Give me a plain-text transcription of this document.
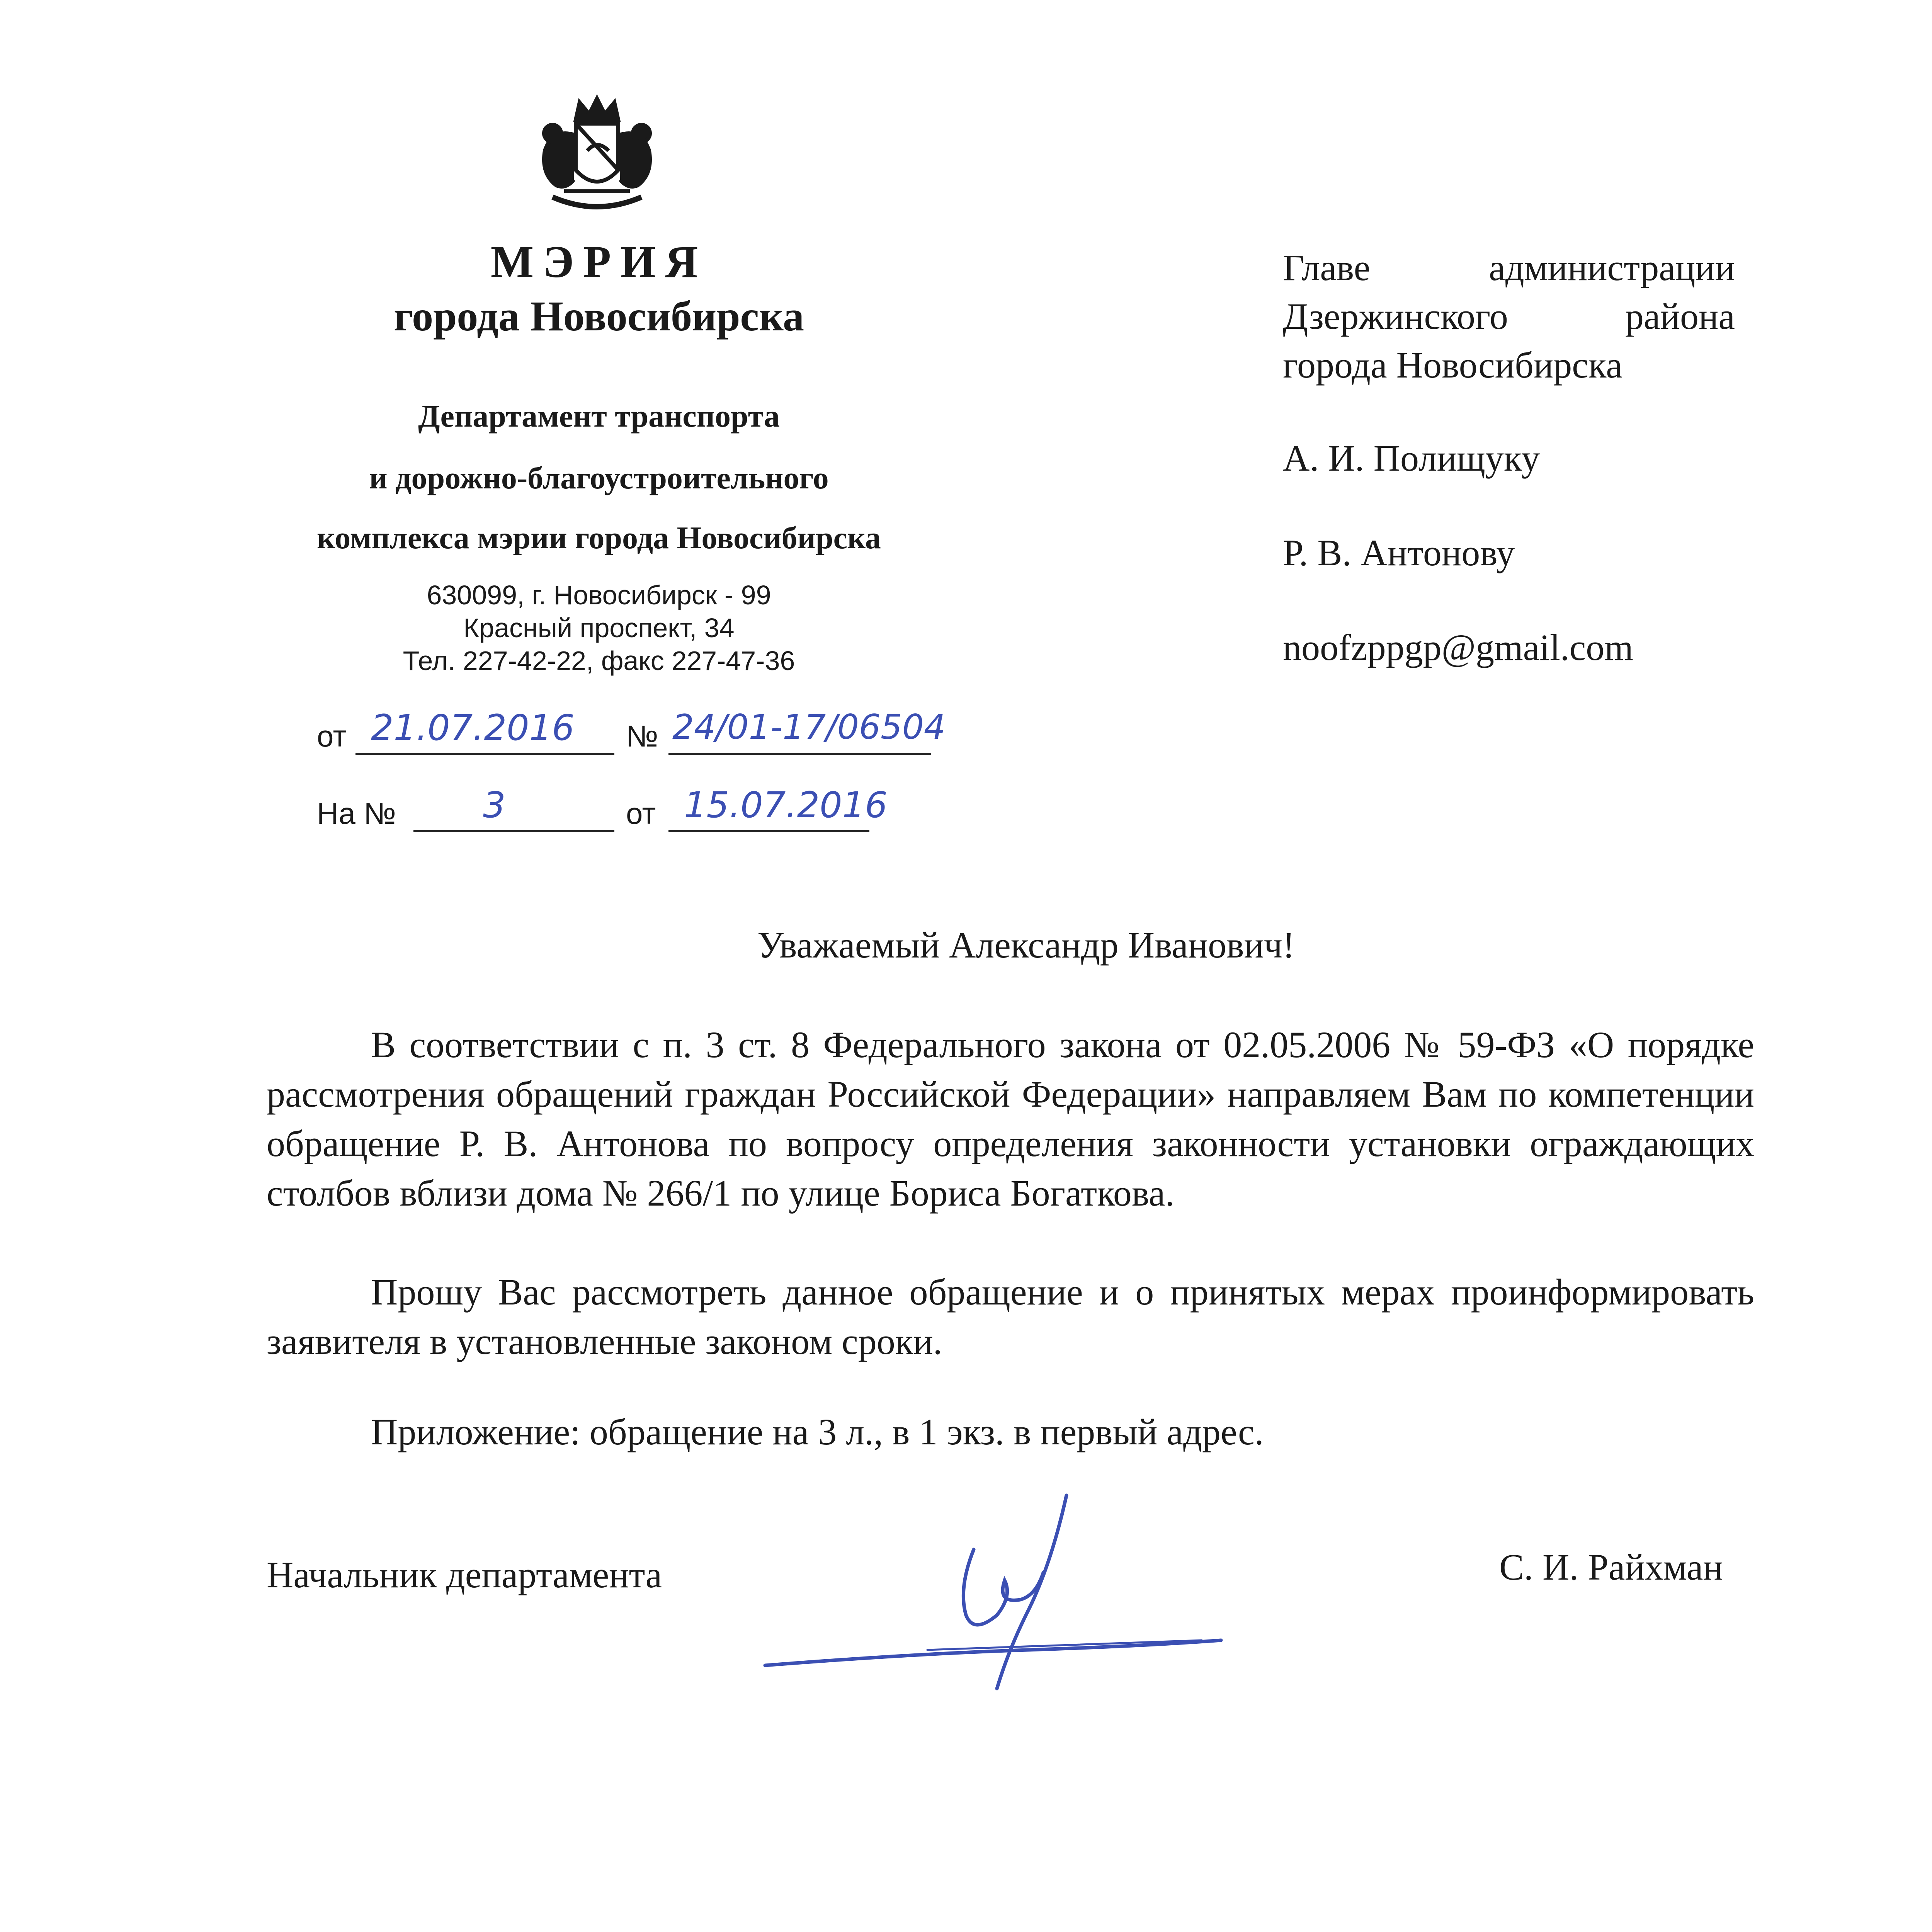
МЭРИЯ
города Новосибирска
Департамент транспорта
и дорожно-благоустроительного
комплекса мэрии города Новосибирска
630099, г. Новосибирск - 99
Красный проспект, 34
Тел. 227-42-22, факс 227-47-36
от 21.07.2016 № 24/01-17/06504
На № 3	от 15.07.2016
Главе администрации
Дзержинского района
города Новосибирска
А. И. Полищуку
Р. В. Антонову
noofzppgp@gmail.com
Уважаемый Александр Иванович!
В соответствии с п. 3 ст. 8 Федерального закона от 02.05.2006 № 59-ФЗ «О порядке рассмотрения обращений граждан Российской Федерации» направляем Вам по компетенции обращение Р. В. Антонова по вопросу определения законности установки ограждающих столбов вблизи дома № 266/1 по улице Бориса Богаткова.
Прошу Вас рассмотреть данное обращение и о принятых мерах проинформировать заявителя в установленные законом сроки.
Приложение: обращение на 3 л., в 1 экз. в первый адрес.
Начальник департамента	С. И. Райхман
